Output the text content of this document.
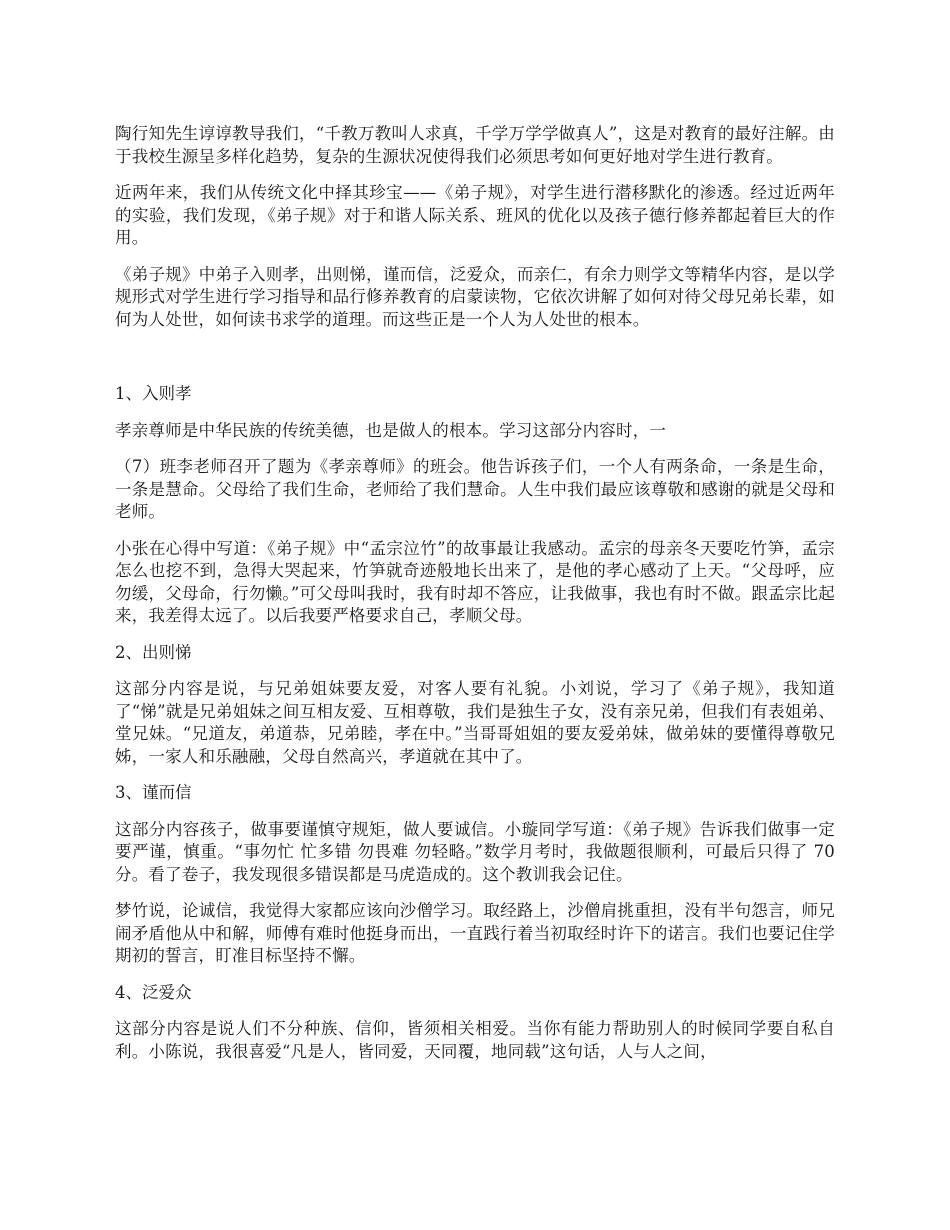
陶行知先生谆谆教导我们，“千教万教叫人求真，千学万学学做真人”，这是对教育的最好注解。由于我校生源呈多样化趋势，复杂的生源状况使得我们必须思考如何更好地对学生进行教育。

近两年来，我们从传统文化中择其珍宝——《弟子规》，对学生进行潜移默化的渗透。经过近两年的实验，我们发现，《弟子规》对于和谐人际关系、班风的优化以及孩子德行修养都起着巨大的作用。

《弟子规》中弟子入则孝，出则悌，谨而信，泛爱众，而亲仁，有余力则学文等精华内容，是以学规形式对学生进行学习指导和品行修养教育的启蒙读物，它依次讲解了如何对待父母兄弟长辈，如何为人处世，如何读书求学的道理。而这些正是一个人为人处世的根本。

1、入则孝

孝亲尊师是中华民族的传统美德，也是做人的根本。学习这部分内容时，一

（7）班李老师召开了题为《孝亲尊师》的班会。他告诉孩子们，一个人有两条命，一条是生命，一条是慧命。父母给了我们生命，老师给了我们慧命。人生中我们最应该尊敬和感谢的就是父母和老师。

小张在心得中写道：《弟子规》中“孟宗泣竹”的故事最让我感动。孟宗的母亲冬天要吃竹笋，孟宗怎么也挖不到，急得大哭起来，竹笋就奇迹般地长出来了，是他的孝心感动了上天。“父母呼，应勿缓，父母命，行勿懒。”可父母叫我时，我有时却不答应，让我做事，我也有时不做。跟孟宗比起来，我差得太远了。以后我要严格要求自己，孝顺父母。

2、出则悌

这部分内容是说，与兄弟姐妹要友爱，对客人要有礼貌。小刘说，学习了《弟子规》，我知道了“悌”就是兄弟姐妹之间互相友爱、互相尊敬，我们是独生子女，没有亲兄弟，但我们有表姐弟、堂兄妹。“兄道友，弟道恭，兄弟睦，孝在中。”当哥哥姐姐的要友爱弟妹，做弟妹的要懂得尊敬兄姊，一家人和乐融融，父母自然高兴，孝道就在其中了。

3、谨而信

这部分内容孩子，做事要谨慎守规矩，做人要诚信。小璇同学写道：《弟子规》告诉我们做事一定要严谨，慎重。“事勿忙 忙多错 勿畏难 勿轻略。”数学月考时，我做题很顺利，可最后只得了 70 分。看了卷子，我发现很多错误都是马虎造成的。这个教训我会记住。

梦竹说，论诚信，我觉得大家都应该向沙僧学习。取经路上，沙僧肩挑重担，没有半句怨言，师兄闹矛盾他从中和解，师傅有难时他挺身而出，一直践行着当初取经时许下的诺言。我们也要记住学期初的誓言，盯准目标坚持不懈。

4、泛爱众

这部分内容是说人们不分种族、信仰，皆须相关相爱。当你有能力帮助别人的时候同学要自私自利。小陈说，我很喜爱“凡是人，皆同爱，天同覆，地同载”这句话，人与人之间，
